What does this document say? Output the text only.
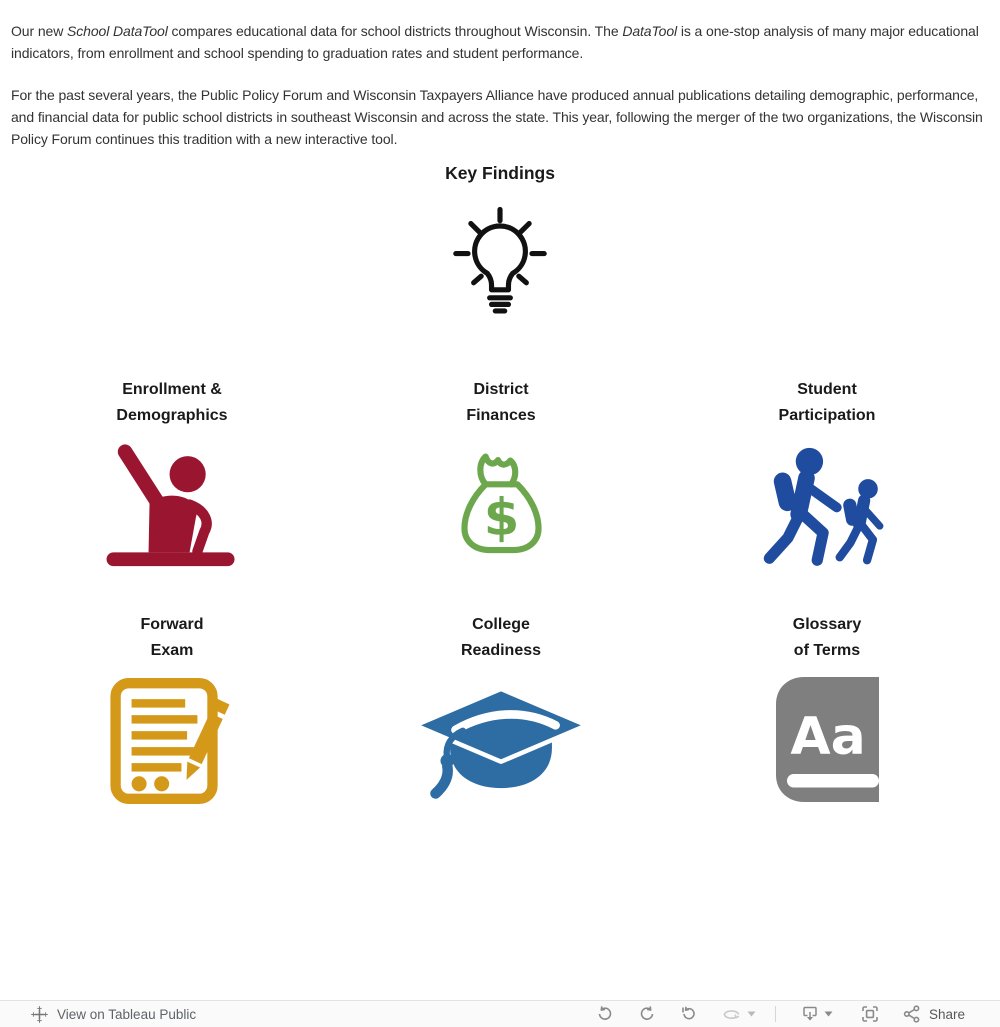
Our new School DataTool compares educational data for school districts throughout Wisconsin. The DataTool is a one-stop analysis of many major educational indicators, from enrollment and school spending to graduation rates and student performance.
For the past several years, the Public Policy Forum and Wisconsin Taxpayers Alliance have produced annual publications detailing demographic, performance, and financial data for public school districts in southeast Wisconsin and across the state. This year, following the merger of the two organizations, the Wisconsin Policy Forum continues this tradition with a new interactive tool.
Key Findings
Enrollment &
Demographics
District
Finances
$
Student
Participation
Forward
Exam
College
Readiness
Glossary
of Terms
Aa
View on Tableau Public	Share
